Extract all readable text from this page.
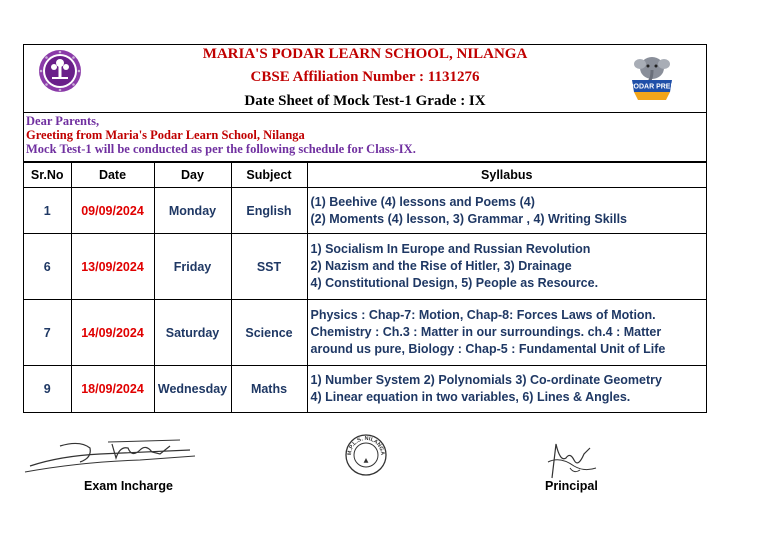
MARIA'S PODAR LEARN SCHOOL, NILANGA
CBSE Affiliation Number : 1131276
Date Sheet of Mock Test-1 Grade : IX
PODAR PREP
Dear Parents,
Greeting from Maria's Podar Learn School, Nilanga
Mock Test-1 will be conducted as per the following schedule for Class-IX.
Sr.No	Date	Day	Subject	Syllabus
1	09/09/2024	Monday	English	(1) Beehive (4) lessons and Poems (4)
(2) Moments (4) lesson, 3) Grammar , 4) Writing Skills

6	13/09/2024	Friday	SST	1) Socialism In Europe and Russian Revolution
2) Nazism and the Rise of Hitler, 3) Drainage
4) Constitutional Design, 5) People as Resource.

7	14/09/2024	Saturday	Science	Physics : Chap-7: Motion, Chap-8: Forces Laws of Motion.
Chemistry : Ch.3 : Matter in our surroundings. ch.4 : Matter
around us pure, Biology : Chap-5 : Fundamental Unit of Life

9	18/09/2024	Wednesday	Maths	1) Number System 2) Polynomials 3) Co-ordinate Geometry
4) Linear equation in two variables, 6) Lines & Angles.
Exam Incharge
M.P.L.S. NILANGA
Principal
